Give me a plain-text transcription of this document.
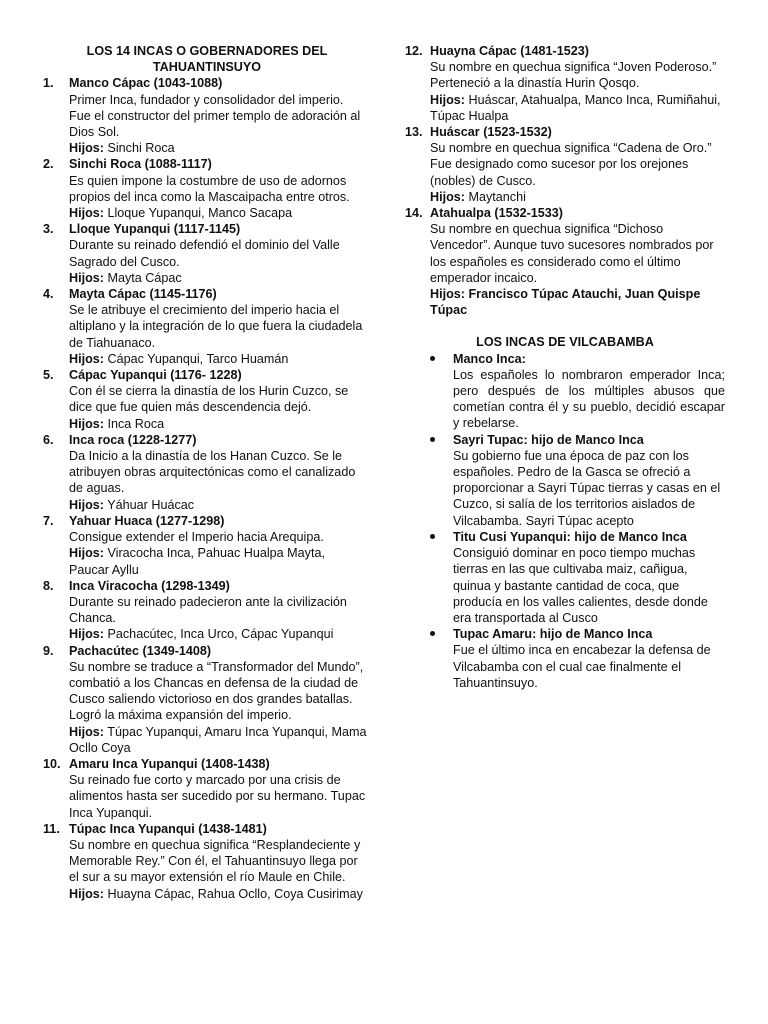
LOS 14 INCAS O GOBERNADORES DEL
TAHUANTINSUYO
1. Manco Cápac (1043-1088)
Primer Inca, fundador y consolidador del imperio. Fue el constructor del primer templo de adoración al Dios Sol.
Hijos: Sinchi Roca
2. Sinchi Roca (1088-1117)
Es quien impone la costumbre de uso de adornos propios del inca como la Mascaipacha entre otros.
Hijos: Lloque Yupanqui, Manco Sacapa
3. Lloque Yupanqui (1117-1145)
Durante su reinado defendió el dominio del Valle Sagrado del Cusco.
Hijos: Mayta Cápac
4. Mayta Cápac (1145-1176)
Se le atribuye el crecimiento del imperio hacia el altiplano y la integración de lo que fuera la ciudadela de Tiahuanaco.
Hijos: Cápac Yupanqui, Tarco Huamán
5. Cápac Yupanqui (1176- 1228)
Con él se cierra la dinastía de los Hurin Cuzco, se dice que fue quien más descendencia dejó.
Hijos: Inca Roca
6. Inca roca (1228-1277)
Da Inicio a la dinastía de los Hanan Cuzco. Se le atribuyen obras arquitectónicas como el canalizado de aguas.
Hijos: Yáhuar Huácac
7. Yahuar Huaca (1277-1298)
Consigue extender el Imperio hacia Arequipa.
Hijos: Viracocha Inca, Pahuac Hualpa Mayta, Paucar Ayllu
8. Inca Viracocha (1298-1349)
Durante su reinado padecieron ante la civilización Chanca.
Hijos: Pachacútec, Inca Urco, Cápac Yupanqui
9. Pachacútec (1349-1408)
Su nombre se traduce a “Transformador del Mundo”, combatió a los Chancas en defensa de la ciudad de Cusco saliendo victorioso en dos grandes batallas. Logró la máxima expansión del imperio.
Hijos: Túpac Yupanqui, Amaru Inca Yupanqui, Mama Ocllo Coya
10. Amaru Inca Yupanqui (1408-1438)
Su reinado fue corto y marcado por una crisis de alimentos hasta ser sucedido por su hermano. Tupac Inca Yupanqui.
11. Túpac Inca Yupanqui (1438-1481)
Su nombre en quechua significa “Resplandeciente y Memorable Rey.” Con él, el Tahuantinsuyo llega por el sur a su mayor extensión el río Maule en Chile.
Hijos: Huayna Cápac, Rahua Ocllo, Coya Cusirimay
12. Huayna Cápac (1481-1523)
Su nombre en quechua significa “Joven Poderoso.” Perteneció a la dinastía Hurin Qosqo.
Hijos: Huáscar, Atahualpa, Manco Inca, Rumiñahui, Túpac Hualpa
13. Huáscar (1523-1532)
Su nombre en quechua significa “Cadena de Oro.” Fue designado como sucesor por los orejones (nobles) de Cusco.
Hijos: Maytanchi
14. Atahualpa (1532-1533)
Su nombre en quechua significa “Dichoso Vencedor”. Aunque tuvo sucesores nombrados por los españoles es considerado como el último emperador incaico.
Hijos: Francisco Túpac Atauchi, Juan Quispe Túpac
LOS INCAS DE VILCABAMBA
Manco Inca:
Los españoles lo nombraron emperador Inca; pero después de los múltiples abusos que cometían contra él y su pueblo, decidió escapar y rebelarse.
Sayri Tupac: hijo de Manco Inca
Su gobierno fue una época de paz con los españoles. Pedro de la Gasca se ofreció a proporcionar a Sayri Túpac tierras y casas en el Cuzco, si salía de los territorios aislados de Vilcabamba. Sayri Túpac acepto
Titu Cusi Yupanqui: hijo de Manco Inca
Consiguió dominar en poco tiempo muchas tierras en las que cultivaba maiz, cañigua, quinua y bastante cantidad de coca, que producía en los valles calientes, desde donde era transportada al Cusco
Tupac Amaru: hijo de Manco Inca
Fue el último inca en encabezar la defensa de Vilcabamba con el cual cae finalmente el Tahuantinsuyo.
